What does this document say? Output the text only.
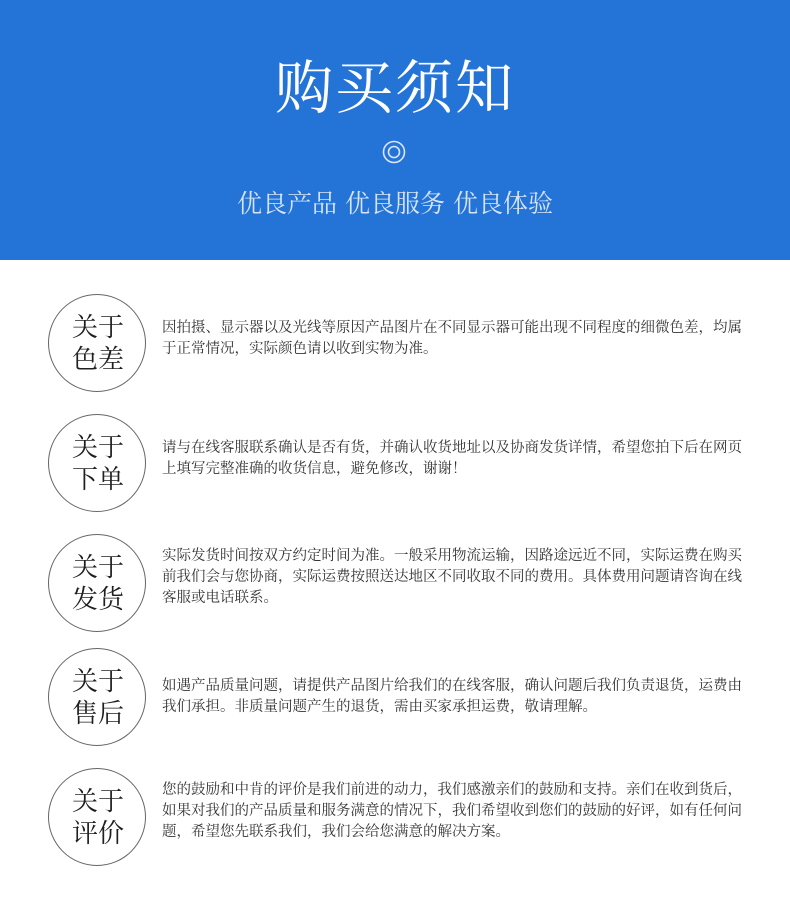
购买须知
优良产品 优良服务 优良体验
关于
色差
因拍摄、显示器以及光线等原因产品图片在不同显示器可能出现不同程度的细微色差，均属于正常情况，实际颜色请以收到实物为准。
关于
下单
请与在线客服联系确认是否有货，并确认收货地址以及协商发货详情，希望您拍下后在网页上填写完整准确的收货信息，避免修改，谢谢！
关于
发货
实际发货时间按双方约定时间为准。一般采用物流运输，因路途远近不同，实际运费在购买前我们会与您协商，实际运费按照送达地区不同收取不同的费用。具体费用问题请咨询在线客服或电话联系。
关于
售后
如遇产品质量问题，请提供产品图片给我们的在线客服，确认问题后我们负责退货，运费由我们承担。非质量问题产生的退货，需由买家承担运费，敬请理解。
关于
评价
您的鼓励和中肯的评价是我们前进的动力，我们感激亲们的鼓励和支持。亲们在收到货后，如果对我们的产品质量和服务满意的情况下，我们希望收到您们的鼓励的好评，如有任何问题，希望您先联系我们，我们会给您满意的解决方案。
